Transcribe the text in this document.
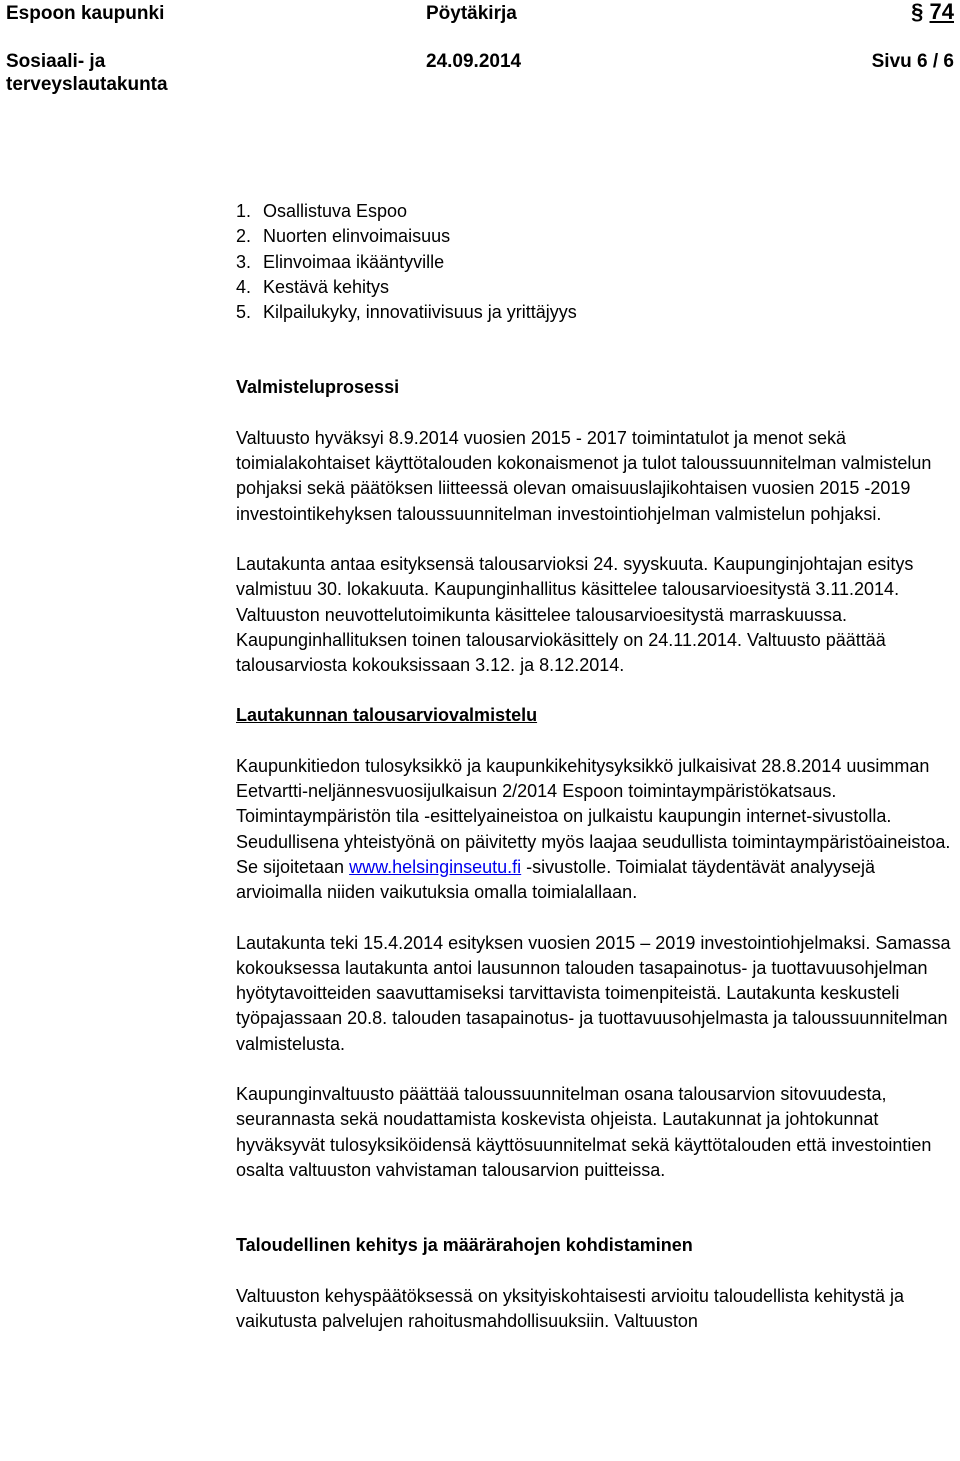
Espoon kaupunki	Pöytäkirja	§ 74
Sosiaali- ja
terveyslautakunta
24.09.2014	Sivu 6 / 6
1. Osallistuva Espoo
2. Nuorten elinvoimaisuus
3. Elinvoimaa ikääntyville
4. Kestävä kehitys
5. Kilpailukyky, innovatiivisuus ja yrittäjyys
Valmisteluprosessi

Valtuusto hyväksyi 8.9.2014 vuosien 2015 - 2017 toimintatulot ja menot sekä toimialakohtaiset käyttötalouden kokonaismenot ja tulot taloussuunnitelman valmistelun pohjaksi sekä päätöksen liitteessä olevan omaisuuslajikohtaisen vuosien 2015 -2019 investointikehyksen taloussuunnitelman investointiohjelman valmistelun pohjaksi.

Lautakunta antaa esityksensä talousarvioksi 24. syyskuuta. Kaupunginjohtajan esitys valmistuu 30. lokakuuta. Kaupunginhallitus käsittelee talousarvioesitystä 3.11.2014. Valtuuston neuvottelutoimikunta käsittelee talousarvioesitystä marraskuussa. Kaupunginhallituksen toinen talousarviokäsittely on 24.11.2014. Valtuusto päättää talousarviosta kokouksissaan 3.12. ja 8.12.2014.

Lautakunnan talousarviovalmistelu

Kaupunkitiedon tulosyksikkö ja kaupunkikehitysyksikkö julkaisivat 28.8.2014 uusimman Eetvartti-neljännesvuosijulkaisun 2/2014 Espoon toimintaympäristökatsaus. Toimintaympäristön tila -esittelyaineistoa on julkaistu kaupungin internet-sivustolla. Seudullisena yhteistyönä on päivitetty myös laajaa seudullista toimintaympäristöaineistoa. Se sijoitetaan www.helsinginseutu.fi -sivustolle. Toimialat täydentävät analyysejä arvioimalla niiden vaikutuksia omalla toimialallaan.

Lautakunta teki 15.4.2014 esityksen vuosien 2015 – 2019 investointiohjelmaksi. Samassa kokouksessa lautakunta antoi lausunnon talouden tasapainotus- ja tuottavuusohjelman hyötytavoitteiden saavuttamiseksi tarvittavista toimenpiteistä. Lautakunta keskusteli työpajassaan 20.8. talouden tasapainotus- ja tuottavuusohjelmasta ja taloussuunnitelman valmistelusta.

Kaupunginvaltuusto päättää taloussuunnitelman osana talousarvion sitovuudesta, seurannasta sekä noudattamista koskevista ohjeista. Lautakunnat ja johtokunnat hyväksyvät tulosyksiköidensä käyttösuunnitelmat sekä käyttötalouden että investointien osalta valtuuston vahvistaman talousarvion puitteissa.

Taloudellinen kehitys ja määrärahojen kohdistaminen

Valtuuston kehyspäätöksessä on yksityiskohtaisesti arvioitu taloudellista kehitystä ja vaikutusta palvelujen rahoitusmahdollisuuksiin. Valtuuston
